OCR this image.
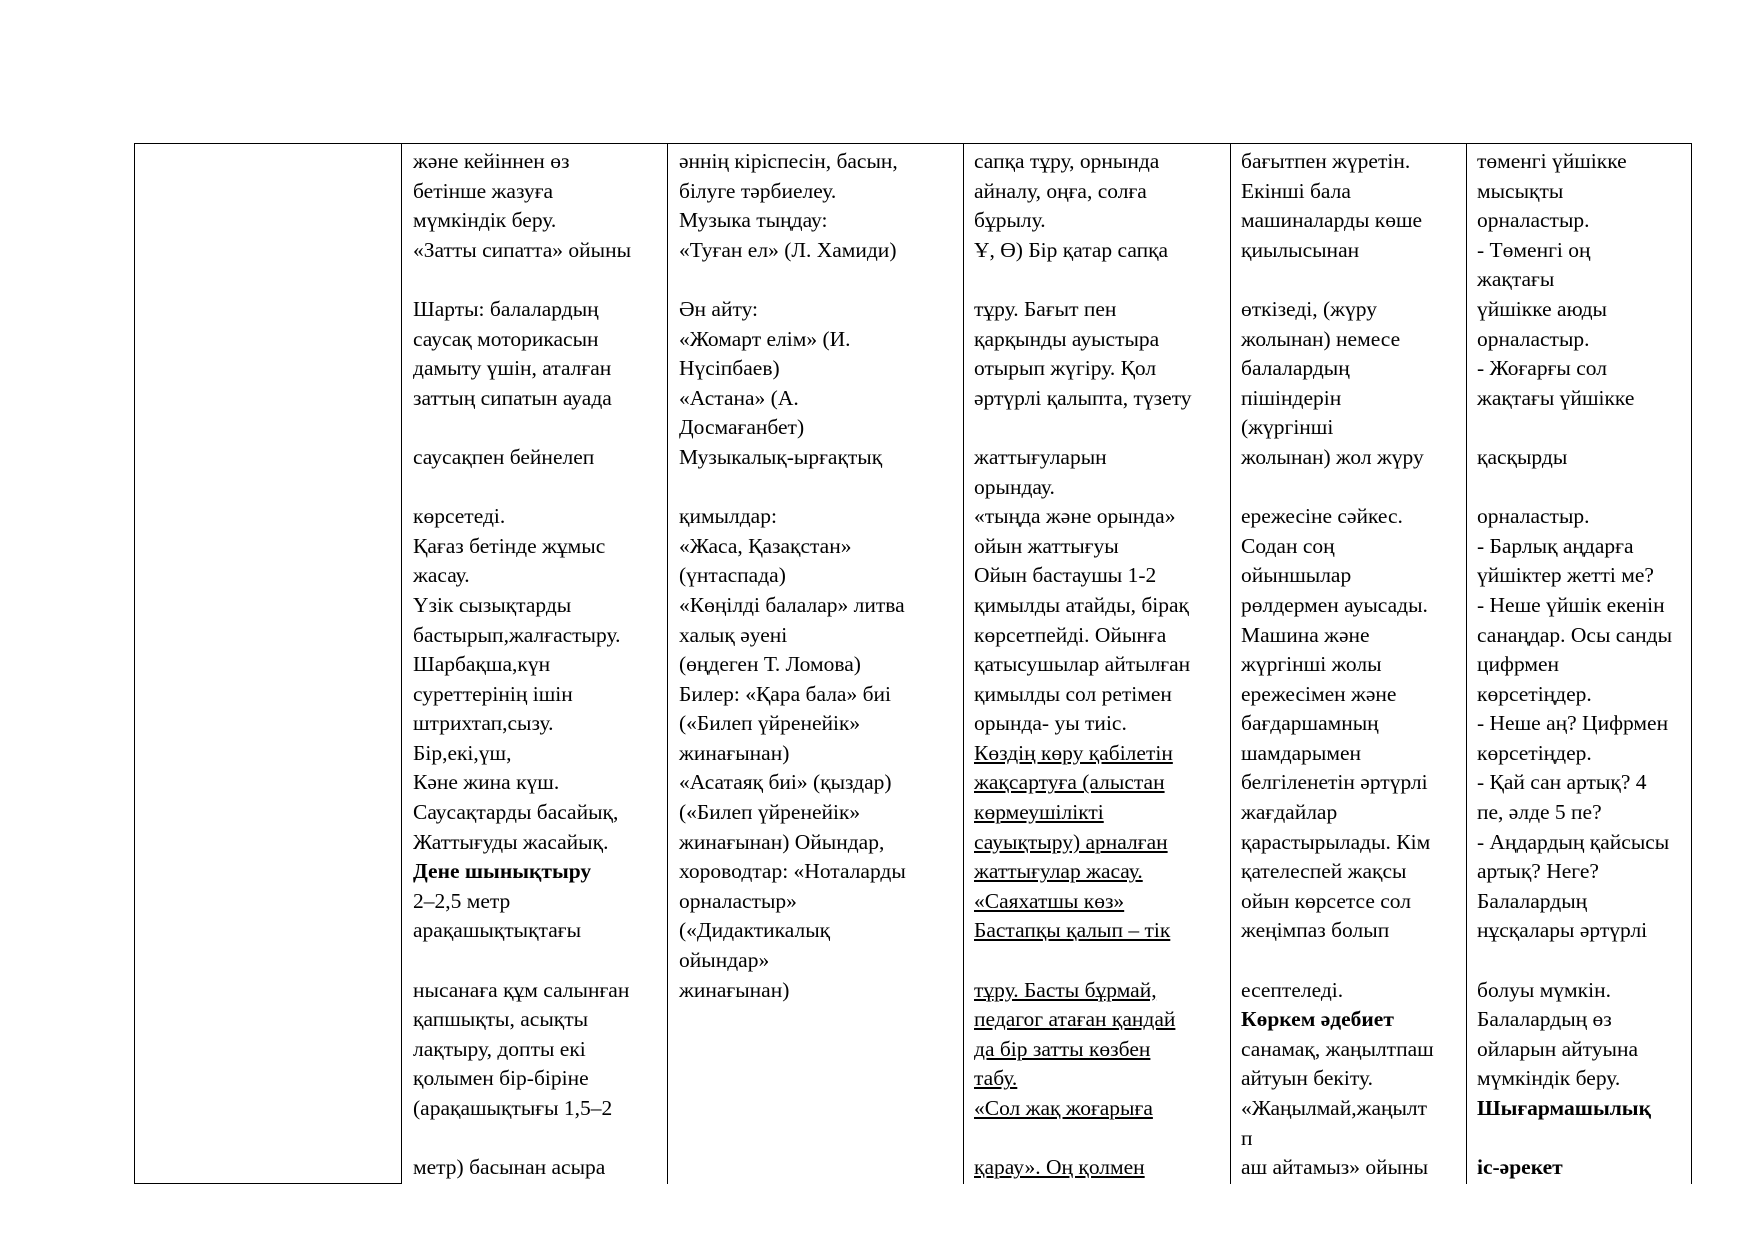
және кейіннен өз
бетінше жазуға
мүмкіндік беру.
«Затты сипатта» ойыны
Шарты: балалардың
саусақ моторикасын
дамыту үшін, аталған
заттың сипатын ауада
саусақпен бейнелеп
көрсетеді.
Қағаз бетінде жұмыс
жасау.
Үзік сызықтарды
бастырып,жалғастыру.
Шарбақша,күн
суреттерінің ішін
штрихтап,сызу.
Бір,екі,үш,
Кәне жина күш.
Саусақтарды басайық,
Жаттығуды жасайық.
Дене шынықтыру
2–2,5 метр
арақашықтықтағы
нысанаға құм салынған
қапшықты, асықты
лақтыру, допты екі
қолымен бір-біріне
(арақашықтығы 1,5–2
метр) басынан асыра
әннің кіріспесін, басын,
білуге тәрбиелеу.
Музыка тыңдау:
«Туған ел» (Л. Хамиди)
Ән айту:
«Жомарт елім» (И.
Нүсіпбаев)
«Астана» (А.
Досмағанбет)
Музыкалық-ырғақтық
қимылдар:
«Жаса, Қазақстан»
(үнтаспада)
«Көңілді балалар» литва
халық әуені
(өңдеген Т. Ломова)
Билер: «Қара бала» биі
(«Билеп үйренейік»
жинағынан)
«Асатаяқ биі» (қыздар)
(«Билеп үйренейік»
жинағынан) Ойындар,
хороводтар: «Ноталарды
орналастыр»
(«Дидактикалық
ойындар»
жинағынан)
сапқа тұру, орнында
айналу, оңға, солға
бұрылу.
Ұ, Ө) Бір қатар сапқа
тұру. Бағыт пен
қарқынды ауыстыра
отырып жүгіру. Қол
әртүрлі қалыпта, түзету
жаттығуларын
орындау.
«тыңда және орында»
ойын жаттығуы
Ойын бастаушы 1-2
қимылды атайды, бірақ
көрсетпейді. Ойынға
қатысушылар айтылған
қимылды сол ретімен
орында- уы тиіс.
Көздің көру қабілетін
жақсартуға (алыстан
көрмеушілікті
сауықтыру) арналған
жаттығулар жасау.
«Саяхатшы көз»
Бастапқы қалып – тік
тұру. Басты бұрмай,
педагог атаған қандай
да бір затты көзбен
табу.
«Сол жақ жоғарыға
қарау». Оң қолмен
бағытпен жүретін.
Екінші бала
машиналарды көше
қиылысынан
өткізеді, (жүру
жолынан) немесе
балалардың
пішіндерін
(жүргінші
жолынан) жол жүру
ережесіне сәйкес.
Содан соң
ойыншылар
рөлдермен ауысады.
Машина және
жүргінші жолы
ережесімен және
бағдаршамның
шамдарымен
белгіленетін әртүрлі
жағдайлар
қарастырылады. Кім
қателеспей жақсы
ойын көрсетсе сол
жеңімпаз болып
есептеледі.
Көркем әдебиет
санамақ, жаңылтпаш
айтуын бекіту.
«Жаңылмай,жаңылт
п
аш айтамыз» ойыны
төменгі үйшікке
мысықты
орналастыр.
- Төменгі оң
жақтағы
үйшікке аюды
орналастыр.
- Жоғарғы сол
жақтағы үйшікке
қасқырды
орналастыр.
- Барлық аңдарға
үйшіктер жетті ме?
- Неше үйшік екенін
санаңдар. Осы санды
цифрмен
көрсетіңдер.
- Неше аң? Цифрмен
көрсетіңдер.
- Қай сан артық? 4
пе, әлде 5 пе?
- Аңдардың қайсысы
артық? Неге?
Балалардың
нұсқалары әртүрлі
болуы мүмкін.
Балалардың өз
ойларын айтуына
мүмкіндік беру.
Шығармашылық
іс-әрекет
